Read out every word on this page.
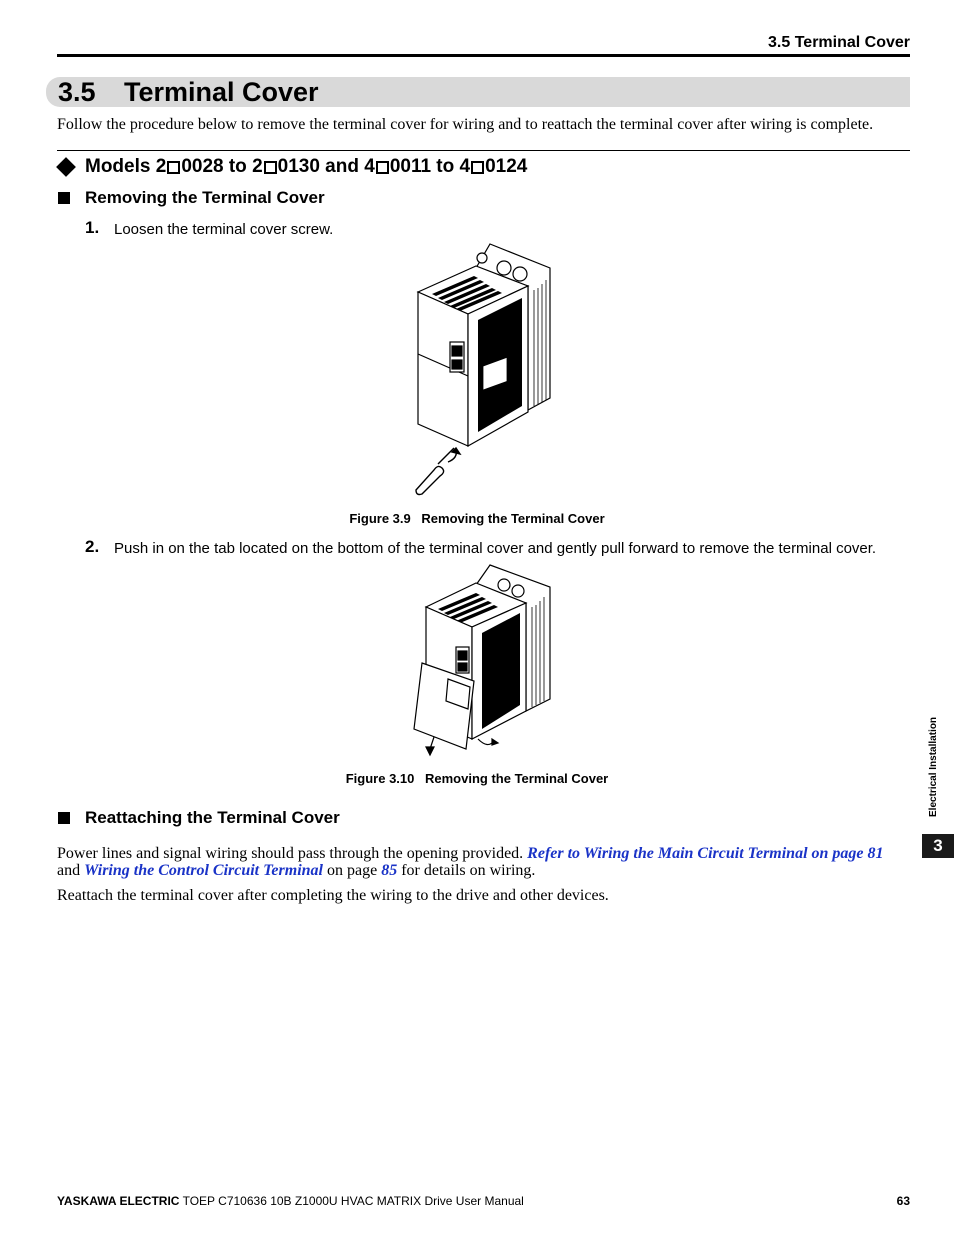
3.5 Terminal Cover
3.5 Terminal Cover
Follow the procedure below to remove the terminal cover for wiring and to reattach the terminal cover after wiring is complete.
Models 2 0028 to 2 0130 and 4 0011 to 4 0124
Removing the Terminal Cover
1. Loosen the terminal cover screw.
Figure 3.9 Removing the Terminal Cover
2. Push in on the tab located on the bottom of the terminal cover and gently pull forward to remove the terminal cover.
Figure 3.10 Removing the Terminal Cover
Reattaching the Terminal Cover
Power lines and signal wiring should pass through the opening provided. Refer to Wiring the Main Circuit Terminal on page 81 and Wiring the Control Circuit Terminal on page 85 for details on wiring.
Reattach the terminal cover after completing the wiring to the drive and other devices.
Electrical Installation
3
YASKAWA ELECTRIC TOEP C710636 10B Z1000U HVAC MATRIX Drive User Manual	63
